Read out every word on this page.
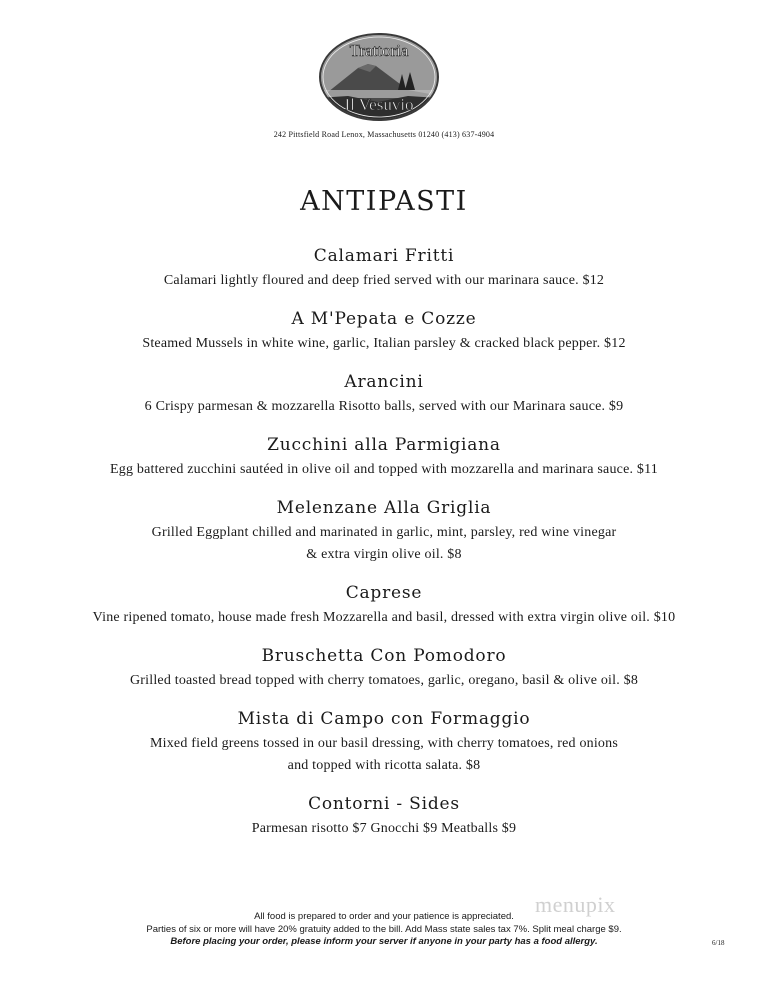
Trattoria
Il Vesuvio
242 Pittsfield Road Lenox, Massachusetts 01240 (413) 637-4904
ANTIPASTI
Calamari Fritti

Calamari lightly floured and deep fried served with our marinara sauce. $12

A M'Pepata e Cozze

Steamed Mussels in white wine, garlic, Italian parsley & cracked black pepper. $12

Arancini

6 Crispy parmesan & mozzarella Risotto balls, served with our Marinara sauce. $9

Zucchini alla Parmigiana

Egg battered zucchini sautéed in olive oil and topped with mozzarella and marinara sauce. $11

Melenzane Alla Griglia

Grilled Eggplant chilled and marinated in garlic, mint, parsley, red wine vinegar

& extra virgin olive oil. $8

Caprese

Vine ripened tomato, house made fresh Mozzarella and basil, dressed with extra virgin olive oil. $10

Bruschetta Con Pomodoro

Grilled toasted bread topped with cherry tomatoes, garlic, oregano, basil & olive oil. $8

Mista di Campo con Formaggio

Mixed field greens tossed in our basil dressing, with cherry tomatoes, red onions

and topped with ricotta salata. $8

Contorni - Sides

Parmesan risotto $7 Gnocchi $9 Meatballs $9

menupix
All food is prepared to order and your patience is appreciated.
Parties of six or more will have 20% gratuity added to the bill. Add Mass state sales tax 7%. Split meal charge $9.
Before placing your order, please inform your server if anyone in your party has a food allergy.	6/18
